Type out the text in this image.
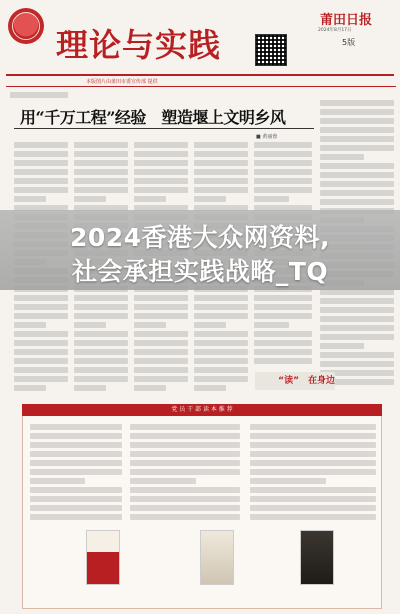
理论与实践
莆田日报
2024年8月17日
5版
本版图片由莆田市委宣传部 提供
用“千万工程”经验　塑造堰上文明乡风
■ 黄丽蓉
“读”　在身边
党 员 干 部 读 本 推 荐
2024香港大众网资料,
社会承担实践战略_TQ
